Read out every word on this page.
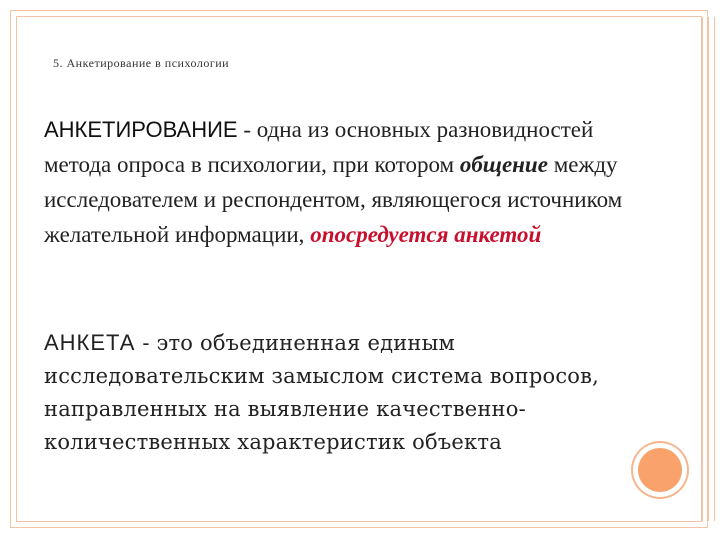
5. Анкетирование в психологии

АНКЕТИРОВАНИЕ - одна из основных разновидностей метода опроса в психологии, при котором общение между исследователем и респондентом, являющегося источником желательной информации, опосредуется анкетой

АНКЕТА - это объединенная единым исследовательским замыслом система вопросов, направленных на выявление качественно-количественных характеристик объекта
